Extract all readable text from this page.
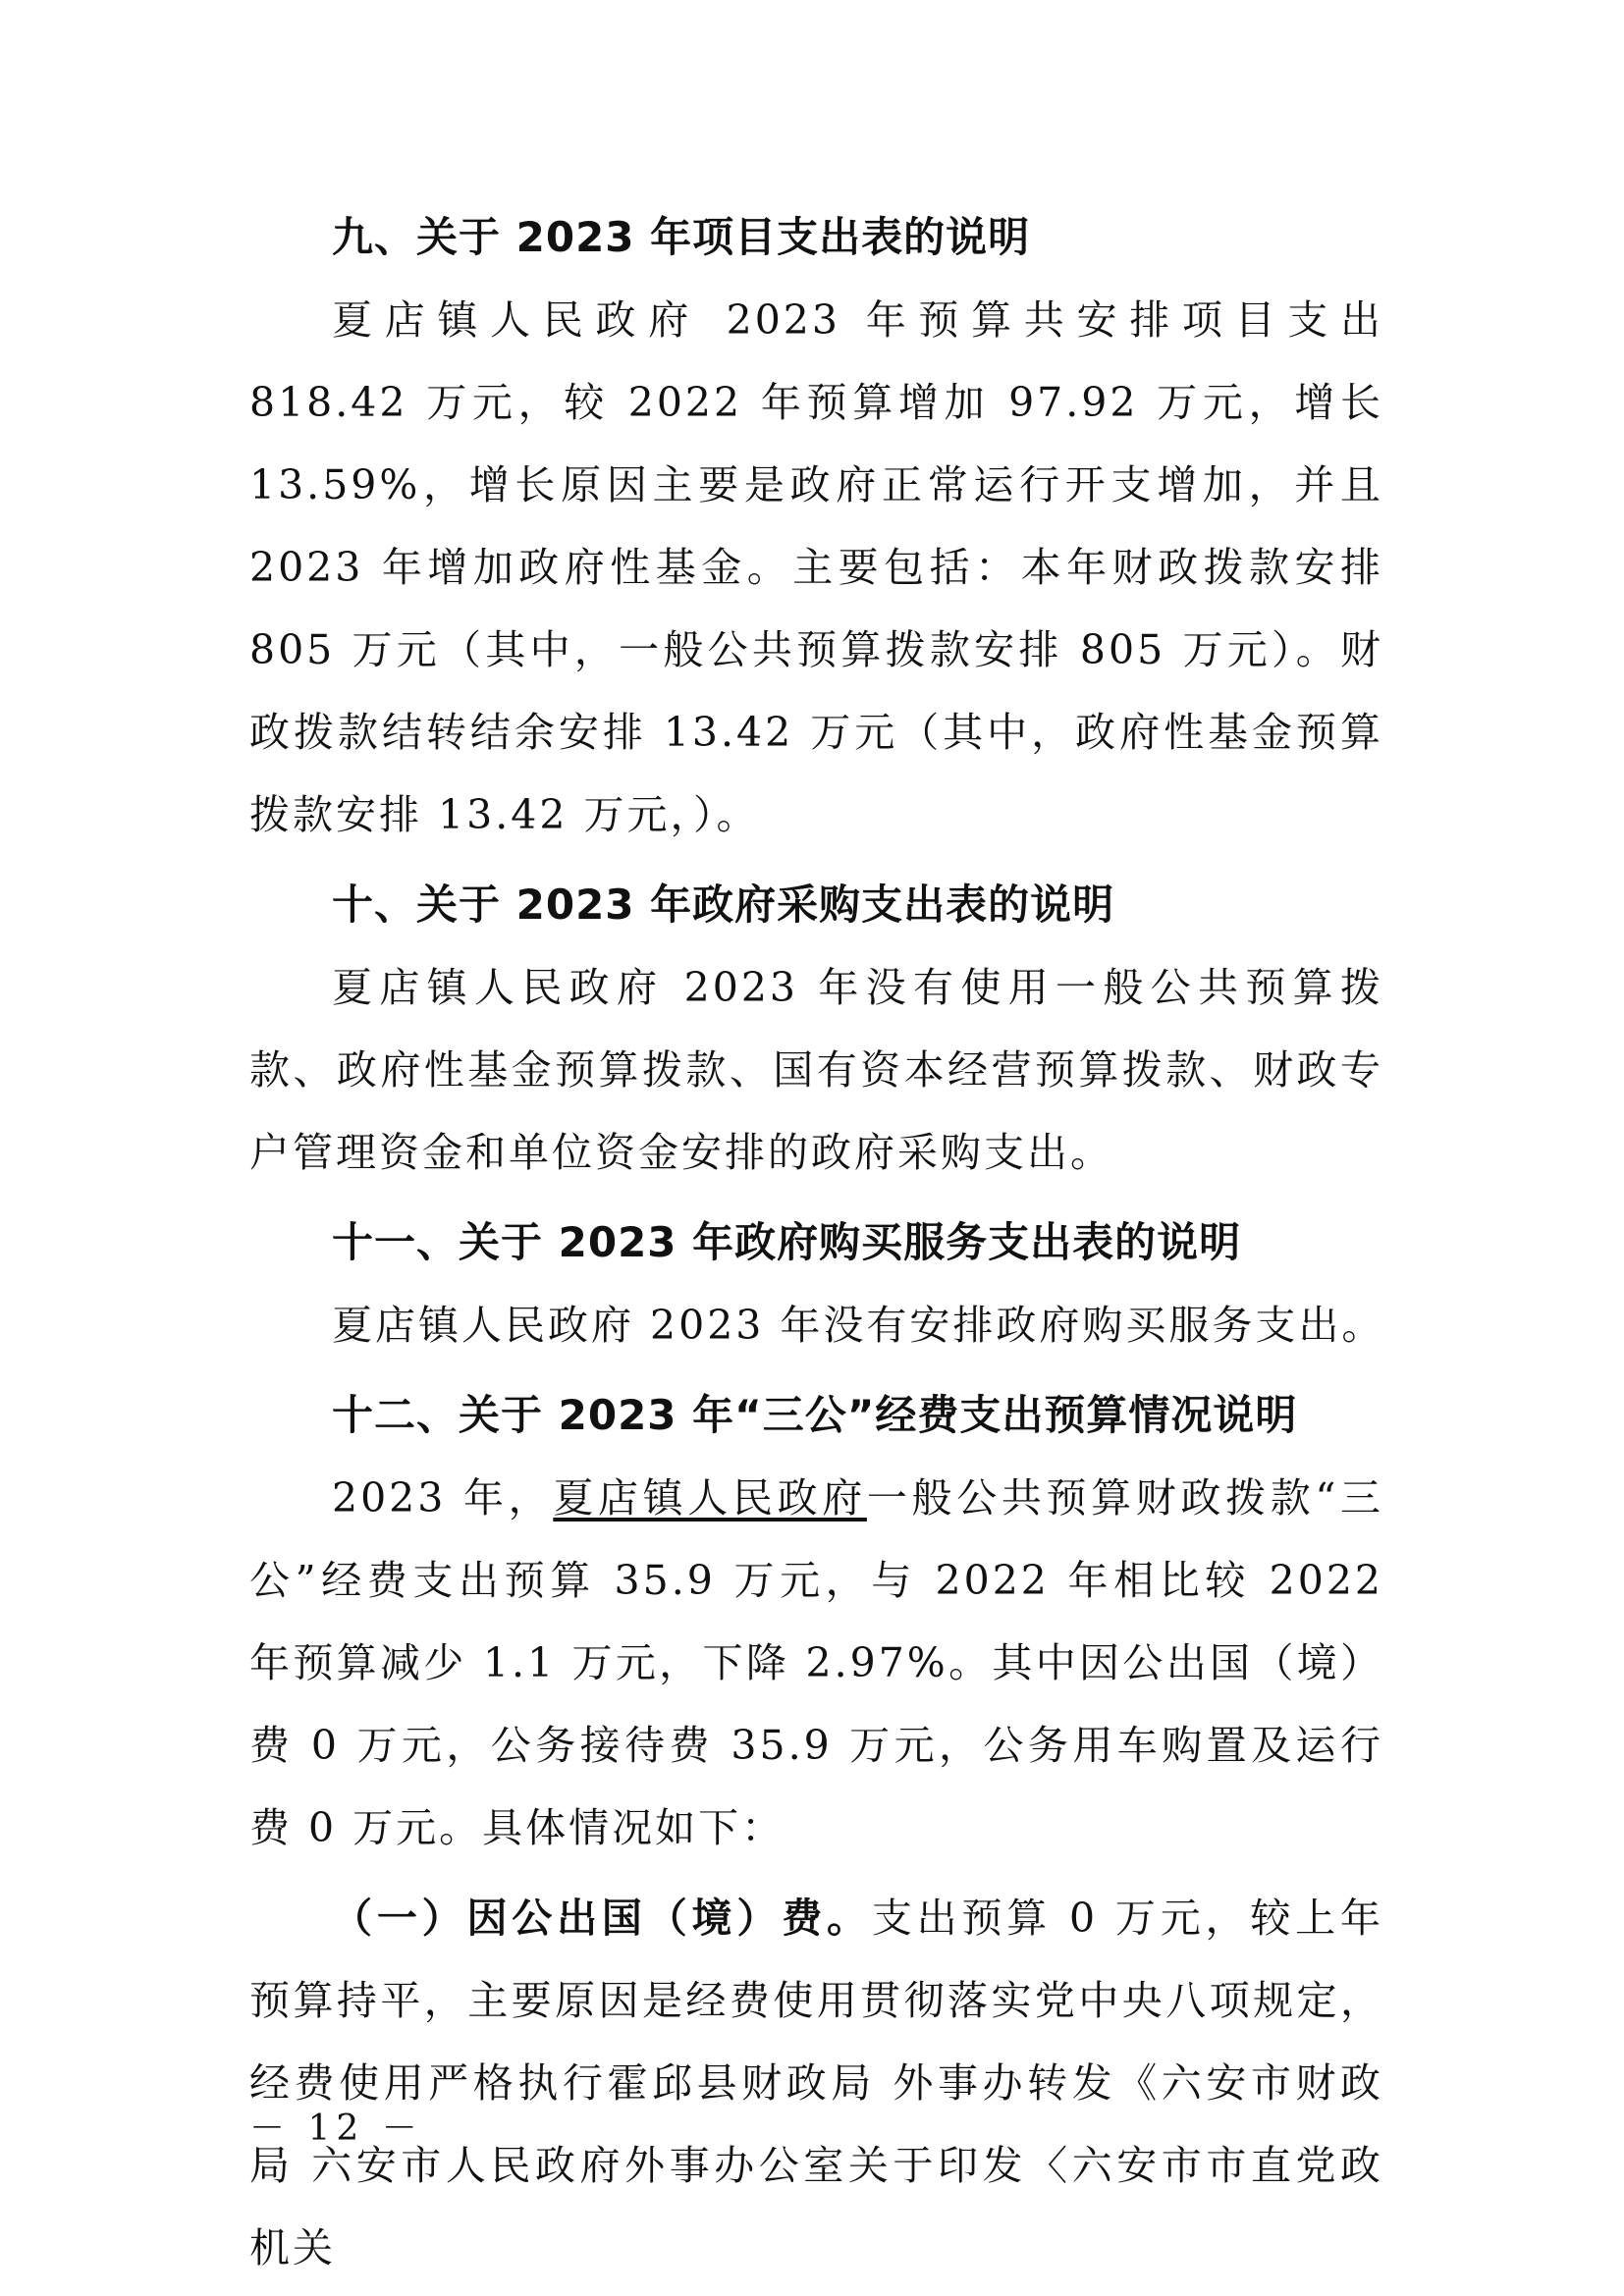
九、关于 2023 年项目支出表的说明

夏店镇人民政府 2023 年预算共安排项目支出 818.42 万元，较 2022 年预算增加 97.92 万元，增长 13.59%，增长原因主要是政府正常运行开支增加，并且 2023 年增加政府性基金。主要包括：本年财政拨款安排 805 万元（其中，一般公共预算拨款安排 805 万元）。财政拨款结转结余安排 13.42 万元（其中，政府性基金预算拨款安排 13.42 万元，）。

十、关于 2023 年政府采购支出表的说明

夏店镇人民政府 2023 年没有使用一般公共预算拨款、政府性基金预算拨款、国有资本经营预算拨款、财政专户管理资金和单位资金安排的政府采购支出。

十一、关于 2023 年政府购买服务支出表的说明

夏店镇人民政府 2023 年没有安排政府购买服务支出。

十二、关于 2023 年“三公”经费支出预算情况说明

2023 年，夏店镇人民政府一般公共预算财政拨款“三公”经费支出预算 35.9 万元，与 2022 年相比较 2022 年预算减少 1.1 万元，下降 2.97%。其中因公出国（境）费 0 万元，公务接待费 35.9 万元，公务用车购置及运行费 0 万元。具体情况如下：

（一）因公出国（境）费。支出预算 0 万元，较上年预算持平，主要原因是经费使用贯彻落实党中央八项规定，经费使用严格执行霍邱县财政局 外事办转发《六安市财政局 六安市人民政府外事办公室关于印发〈六安市市直党政机关

－ 12 －
